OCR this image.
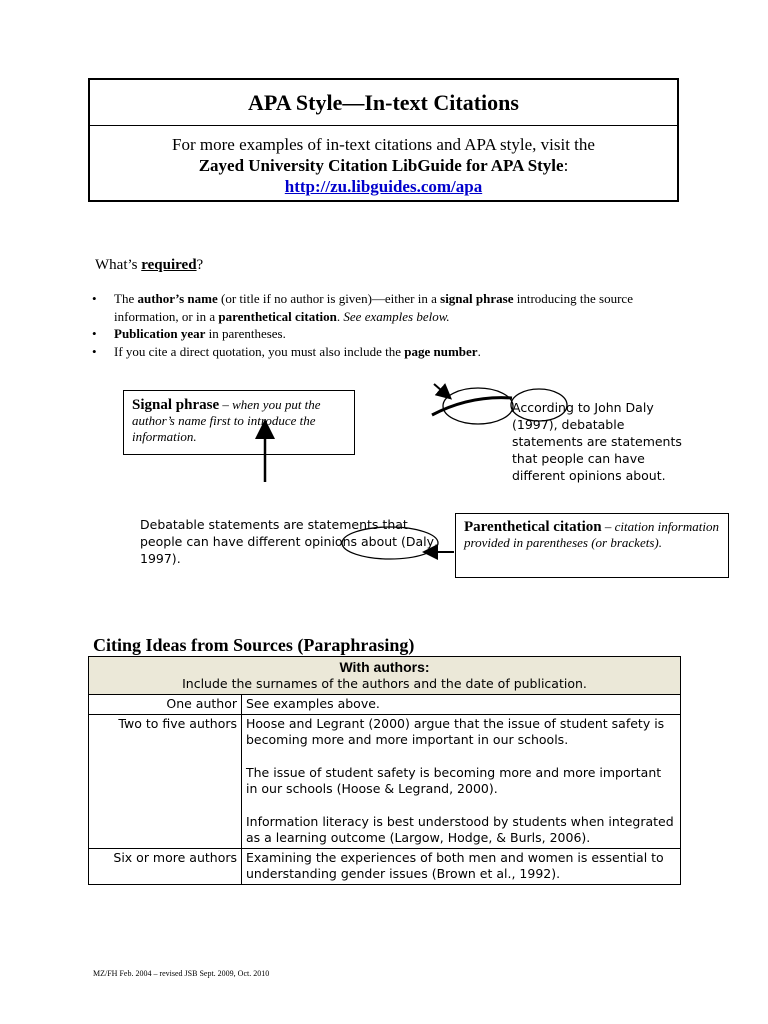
APA Style—In-text Citations
For more examples of in-text citations and APA style, visit the
Zayed University Citation LibGuide for APA Style:
http://zu.libguides.com/apa
What’s required?
• The author’s name (or title if no author is given)—either in a signal phrase introducing the source information, or in a parenthetical citation. See examples below.
• Publication year in parentheses.
• If you cite a direct quotation, you must also include the page number.
Signal phrase – when you put the author’s name first to introduce the information.
According to John Daly (1997), debatable statements are statements that people can have different opinions about.
Debatable statements are statements that people can have different opinions about (Daly, 1997).
Parenthetical citation – citation information provided in parentheses (or brackets).
Citing Ideas from Sources (Paraphrasing)
With authors:
Include the surnames of the authors and the date of publication.	

One author	See examples above.

Two to five authors	Hoose and Legrant (2000) argue that the issue of student safety is becoming more and more important in our schools.
The issue of student safety is becoming more and more important in our schools (Hoose & Legrand, 2000).
Information literacy is best understood by students when integrated as a learning outcome (Largow, Hodge, & Burls, 2006).

Six or more authors	Examining the experiences of both men and women is essential to understanding gender issues (Brown et al., 1992).
MZ/FH Feb. 2004 – revised JSB Sept. 2009, Oct. 2010
